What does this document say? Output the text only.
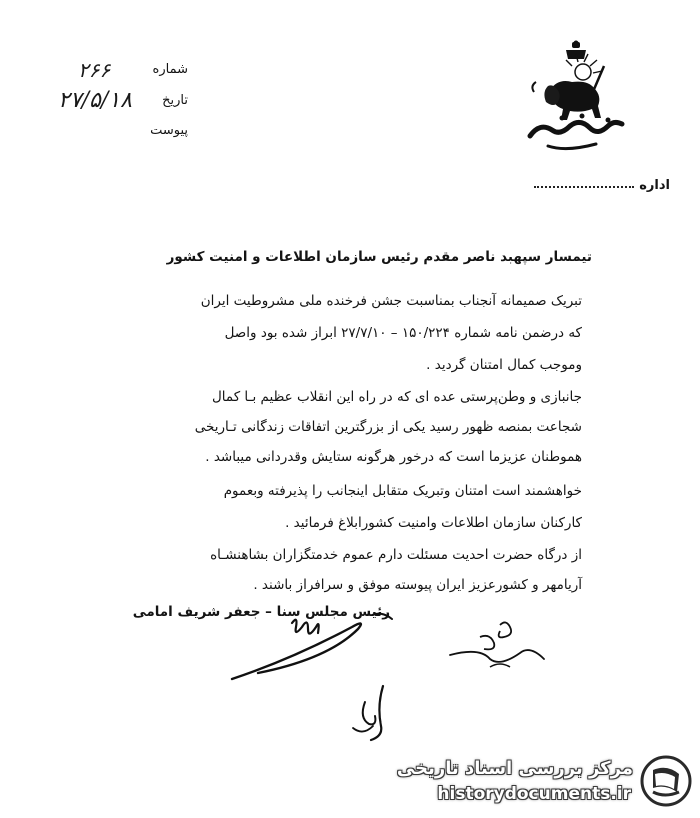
اداره
شماره
۲۶۶
تاریخ
۲۷/۵/۱۸
پیوست
تیمسار سپهبد ناصر مقدم رئیس سازمان اطلاعات و امنیت کشور
تبریک صمیمانه آنجناب بمناسبت جشن فرخنده ملی مشروطیت ایران
که درضمن نامه شماره ۱۵۰/۲۲۴ – ۲۷/۷/۱۰ ابراز شده بود واصل
وموجب کمال امتنان گردید .
جانبازی و وطن‌پرستی عده ای که در راه این انقلاب عظیم بـا کمال
شجاعت بمنصه ظهور رسید یکی از بزرگترین اتفاقات زندگانی تـاریخی
هموطنان عزیزما است که درخور هرگونه ستایش وقدردانی میباشد .
خواهشمند است امتنان وتبریک متقابل اینجانب را پذیرفته وبعموم
کارکنان سازمان اطلاعات وامنیت کشورابلاغ فرمائید .
از درگاه حضرت احدیت مسئلت دارم عموم خدمتگزاران بشاهنشـاه
آریامهر و کشورعزیز ایران پیوسته موفق و سرافراز باشند .
رئیس مجلس سنا – جعفر شریف امامی
مرکز بررسی اسناد تاریخی
historydocuments.ir
